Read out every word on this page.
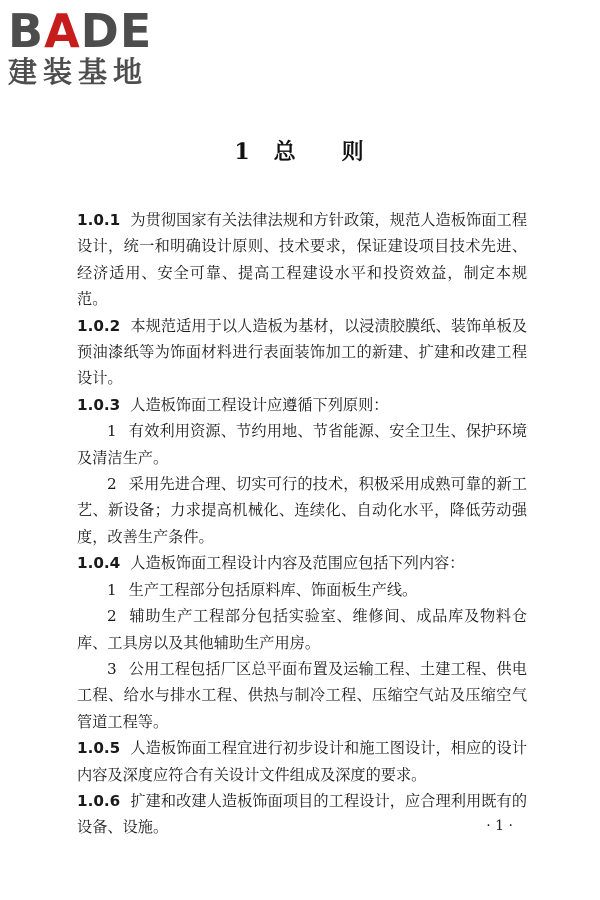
B A D E
建装基地
1 总 则

1.0.1 为贯彻国家有关法律法规和方针政策，规范人造板饰面工程设计，统一和明确设计原则、技术要求，保证建设项目技术先进、经济适用、安全可靠、提高工程建设水平和投资效益，制定本规范。

1.0.2 本规范适用于以人造板为基材，以浸渍胶膜纸、装饰单板及预油漆纸等为饰面材料进行表面装饰加工的新建、扩建和改建工程设计。

1.0.3 人造板饰面工程设计应遵循下列原则：

1 有效利用资源、节约用地、节省能源、安全卫生、保护环境及清洁生产。

2 采用先进合理、切实可行的技术，积极采用成熟可靠的新工艺、新设备；力求提高机械化、连续化、自动化水平，降低劳动强度，改善生产条件。

1.0.4 人造板饰面工程设计内容及范围应包括下列内容：

1 生产工程部分包括原料库、饰面板生产线。

2 辅助生产工程部分包括实验室、维修间、成品库及物料仓库、工具房以及其他辅助生产用房。

3 公用工程包括厂区总平面布置及运输工程、土建工程、供电工程、给水与排水工程、供热与制冷工程、压缩空气站及压缩空气管道工程等。

1.0.5 人造板饰面工程宜进行初步设计和施工图设计，相应的设计内容及深度应符合有关设计文件组成及深度的要求。

1.0.6 扩建和改建人造板饰面项目的工程设计，应合理利用既有的设备、设施。	· 1 ·
